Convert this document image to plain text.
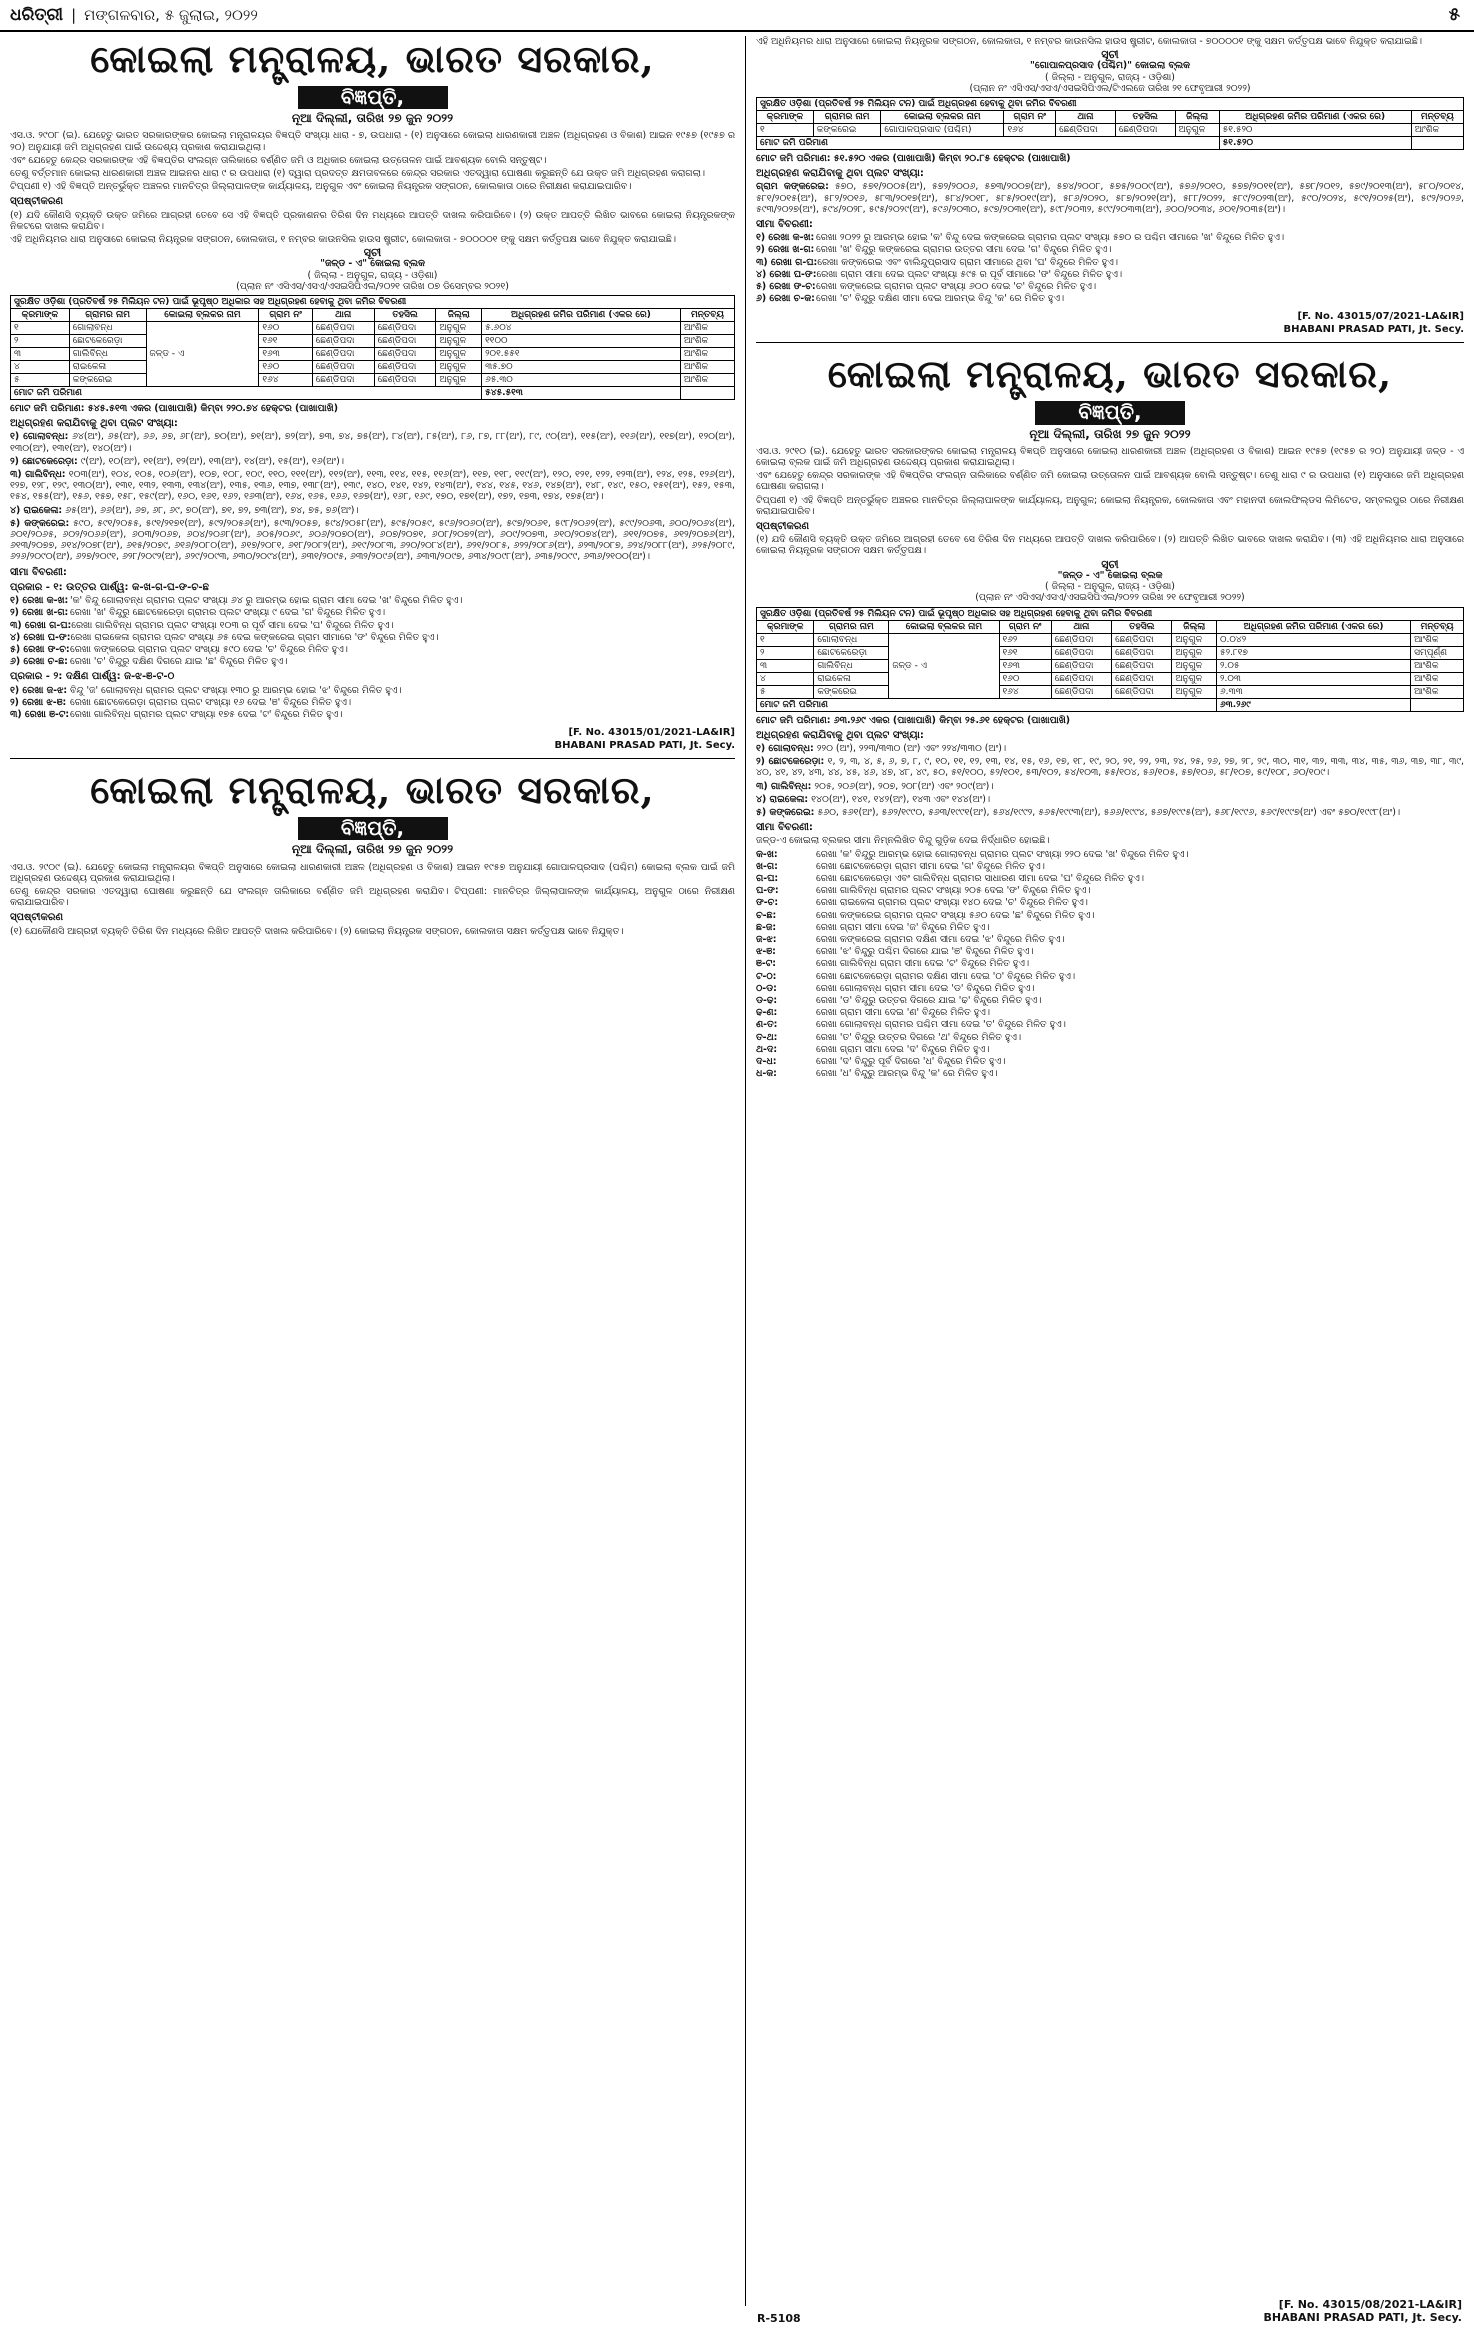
ଧରିତ୍ରୀ | ମଙ୍ଗଳବାର, ୫ ଜୁଲାଇ, ୨୦୨୨	୫
କୋଇଲା ମନ୍ତ୍ରାଳୟ, ଭାରତ ସରକାର,
ବିଜ୍ଞପ୍ତି,
ନୂଆ ଦିଲ୍ଲୀ, ତାରିଖ ୨୭ ଜୁନ ୨୦୨୨

ଏସ.ଓ. ୨୯୦୮ (ଇ). ଯେହେତୁ ଭାରତ ସରକାରଙ୍କର କୋଇଲା ମନ୍ତ୍ରାଳୟର ବିଜ୍ଞପ୍ତି ସଂଖ୍ୟା ଧାରା - ୭, ଉପଧାରା - (୧) ଅନୁସାରେ କୋଇଲା ଧାରଣକାରୀ ଅଞ୍ଚଳ (ଅଧିଗ୍ରହଣ ଓ ବିକାଶ) ଆଇନ ୧୯୫୭ (୧୯୫୭ ର ୨୦) ଅନୁଯାୟୀ ଜମି ଅଧିଗ୍ରହଣ ପାଇଁ ଉଦ୍ଦେଶ୍ୟ ପ୍ରକାଶ କରାଯାଇଥିଲା।

ଏବଂ ଯେହେତୁ କେନ୍ଦ୍ର ସରକାରଙ୍କ ଏହି ବିଜ୍ଞପ୍ତିର ସଂଲଗ୍ନ ତାଲିକାରେ ବର୍ଣ୍ଣିତ ଜମି ଓ ଅଧିକାର କୋଇଲା ଉତ୍ତୋଳନ ପାଇଁ ଆବଶ୍ୟକ ବୋଲି ସନ୍ତୁଷ୍ଟ।

ତେଣୁ ବର୍ତ୍ତମାନ କୋଇଲା ଧାରଣକାରୀ ଅଞ୍ଚଳ ଆଇନର ଧାରା ୯ ର ଉପଧାରା (୧) ଦ୍ୱାରା ପ୍ରଦତ୍ତ କ୍ଷମତାବଳରେ କେନ୍ଦ୍ର ସରକାର ଏତଦ୍ୱାରା ଘୋଷଣା କରୁଛନ୍ତି ଯେ ଉକ୍ତ ଜମି ଅଧିଗ୍ରହଣ କରାଗଲା।

ଟିପ୍ପଣୀ ୧) ଏହି ବିଜ୍ଞପ୍ତି ଅନ୍ତର୍ଭୁକ୍ତ ଅଞ୍ଚଳର ମାନଚିତ୍ର ଜିଲ୍ଲାପାଳଙ୍କ କାର୍ଯ୍ୟାଳୟ, ଅନୁଗୁଳ ଏବଂ କୋଇଲା ନିୟନ୍ତ୍ରକ ସଙ୍ଗଠନ, କୋଲକାତା ଠାରେ ନିରୀକ୍ଷଣ କରାଯାଇପାରିବ।

ସ୍ପଷ୍ଟୀକରଣ

(୧) ଯଦି କୌଣସି ବ୍ୟକ୍ତି ଉକ୍ତ ଜମିରେ ଆଗ୍ରହୀ ତେବେ ସେ ଏହି ବିଜ୍ଞପ୍ତି ପ୍ରକାଶନର ତିରିଶ ଦିନ ମଧ୍ୟରେ ଆପତ୍ତି ଦାଖଲ କରିପାରିବେ। (୨) ଉକ୍ତ ଆପତ୍ତି ଲିଖିତ ଭାବରେ କୋଇଲା ନିୟନ୍ତ୍ରକଙ୍କ ନିକଟରେ ଦାଖଲ କରାଯିବ।

ଏହି ଅଧିନିୟମର ଧାରା ଅନୁସାରେ କୋଇଲା ନିୟନ୍ତ୍ରକ ସଙ୍ଗଠନ, କୋଲକାତା, ୧ ନମ୍ବର କାଉନସିଲ ହାଉସ ଷ୍ଟ୍ରୀଟ, କୋଲକାତା - ୭୦୦୦୦୧ ଙ୍କୁ ସକ୍ଷମ କର୍ତ୍ତୃପକ୍ଷ ଭାବେ ନିଯୁକ୍ତ କରାଯାଇଛି।

ସୂଚୀ
"ଜଳ୍‌ଡ - ଏ" କୋଇଲା ବ୍ଲକ
( ଜିଲ୍ଲା - ଅନୁଗୁଳ, ରାଜ୍ୟ - ଓଡ଼ିଶା)
(ପ୍ଲାନ ନଂ ଏସିଏସ/ଏସଏ/ଏସଇସିପିଏଲ/୨୦୨୧ ତାରିଖ ୦୭ ଡିସେମ୍ବର ୨୦୨୧)
ସୁରକ୍ଷିତ ଓଡ଼ିଶା (ପ୍ରତିବର୍ଷ ୨୫ ମିଲିୟନ ଟନ) ପାଇଁ ଭୂପୃଷ୍ଠ ଅଧିକାର ସହ ଅଧିଗ୍ରହଣ ହେବାକୁ ଥିବା ଜମିର ବିବରଣୀ								
କ୍ରମାଙ୍କ	ଗ୍ରାମର ନାମ	କୋଇଲା ବ୍ଲକର ନାମ	ଗ୍ରାମ ନଂ	ଥାନା	ତହସିଲ	ଜିଲ୍ଲା	ଅଧିଗ୍ରହଣ ଜମିର ପରିମାଣ (ଏକର ରେ)	ମନ୍ତବ୍ୟ
୧	ଗୋଲାବନ୍ଧ	ଜଳ୍‌ଡ - ଏ	୧୬୦	ଛେଣ୍ଡିପଦା	ଛେଣ୍ଡିପଦା	ଅନୁଗୁଳ	୫.୬୦୪	ଆଂଶିକ
୨	ଛୋଟକେରେଡ଼ା		୧୬୧	ଛେଣ୍ଡିପଦା	ଛେଣ୍ଡିପଦା	ଅନୁଗୁଳ	୧୧୦୦	ଆଂଶିକ
୩	ଗାଲିବିନ୍ଧ		୧୬୩	ଛେଣ୍ଡିପଦା	ଛେଣ୍ଡିପଦା	ଅନୁଗୁଳ	୨୦୧.୫୫୧	ଆଂଶିକ
୪	ରାଇକେଳା		୧୬୦	ଛେଣ୍ଡିପଦା	ଛେଣ୍ଡିପଦା	ଅନୁଗୁଳ	୩୫.୭୦	ଆଂଶିକ
୫	କଙ୍କରେଇ		୧୬୪	ଛେଣ୍ଡିପଦା	ଛେଣ୍ଡିପଦା	ଅନୁଗୁଳ	୬୫.୩୦	ଆଂଶିକ
ମୋଟ ଜମି ପରିମାଣ							୫୪୫.୫୧୩	

ମୋଟ ଜମି ପରିମାଣ: ୫୪୫.୫୧୩ ଏକର (ପାଖାପାଖି) କିମ୍ବା ୨୨୦.୭୪ ହେକ୍ଟର (ପାଖାପାଖି)

ଅଧିଗ୍ରହଣ କରାଯିବାକୁ ଥିବା ପ୍ଲଟ ସଂଖ୍ୟା:

୧) ଗୋଲାବନ୍ଧ: ୬୪(ଅଂ), ୬୫(ଅଂ), ୬୬, ୬୭, ୬୮(ଅଂ), ୭୦(ଅଂ), ୭୧(ଅଂ), ୭୨(ଅଂ), ୭୩, ୭୪, ୭୫(ଅଂ), ୮୪(ଅଂ), ୮୫(ଅଂ), ୮୬, ୮୭, ୮୮(ଅଂ), ୮୯, ୯୦(ଅଂ), ୧୧୫(ଅଂ), ୧୧୬(ଅଂ), ୧୧୭(ଅଂ), ୧୨୦(ଅଂ), ୧୩୦(ଅଂ), ୧୩୧(ଅଂ), ୧୪୦(ଅଂ)।

୨) ଛୋଟକେରେଡ଼ା: ୯(ଅଂ), ୧୦(ଅଂ), ୧୧(ଅଂ), ୧୨(ଅଂ), ୧୩(ଅଂ), ୧୪(ଅଂ), ୧୫(ଅଂ), ୧୬(ଅଂ)।

୩) ଗାଲିବିନ୍ଧ: ୧୦୩(ଅଂ), ୧୦୪, ୧୦୫, ୧୦୬(ଅଂ), ୧୦୭, ୧୦୮, ୧୦୯, ୧୧୦, ୧୧୧(ଅଂ), ୧୧୨(ଅଂ), ୧୧୩, ୧୧୪, ୧୧୫, ୧୧୬(ଅଂ), ୧୧୭, ୧୧୮, ୧୧୯(ଅଂ), ୧୨୦, ୧୨୧, ୧୨୨, ୧୨୩(ଅଂ), ୧୨୪, ୧୨୫, ୧୨୬(ଅଂ), ୧୨୭, ୧୨୮, ୧୨୯, ୧୩୦(ଅଂ), ୧୩୧, ୧୩୨, ୧୩୩, ୧୩୪(ଅଂ), ୧୩୫, ୧୩୬, ୧୩୭, ୧୩୮(ଅଂ), ୧୩୯, ୧୪୦, ୧୪୧, ୧୪୨, ୧୪୩(ଅଂ), ୧୪୪, ୧୪୫, ୧୪୬, ୧୪୭(ଅଂ), ୧୪୮, ୧୪୯, ୧୫୦, ୧୫୧(ଅଂ), ୧୫୨, ୧୫୩, ୧୫୪, ୧୫୫(ଅଂ), ୧୫୬, ୧୫୭, ୧୫୮, ୧୫୯(ଅଂ), ୧୬୦, ୧୬୧, ୧୬୨, ୧୬୩(ଅଂ), ୧୬୪, ୧୬୫, ୧୬୬, ୧୬୭(ଅଂ), ୧୬୮, ୧୬୯, ୧୭୦, ୧୭୧(ଅଂ), ୧୭୨, ୧୭୩, ୧୭୪, ୧୭୫(ଅଂ)।

୪) ରାଇକେଳା: ୬୫(ଅଂ), ୬୬(ଅଂ), ୬୭, ୬୮, ୬୯, ୭୦(ଅଂ), ୭୧, ୭୨, ୭୩(ଅଂ), ୭୪, ୭୫, ୭୬(ଅଂ)।

୫) କଙ୍କରେଇ: ୫୯୦, ୫୯୧/୨୦୫୫, ୫୯୧/୨୧୭୧(ଅଂ), ୫୯୨/୨୦୫୬(ଅଂ), ୫୯୩/୨୦୫୭, ୫୯୪/୨୦୫୮(ଅଂ), ୫୯୫/୨୦୫୯, ୫୯୬/୨୦୬୦(ଅଂ), ୫୯୭/୨୦୬୧, ୫୯୮/୨୦୬୨(ଅଂ), ୫୯୯/୨୦୬୩, ୬୦୦/୨୦୬୪(ଅଂ), ୬୦୧/୨୦୬୫, ୬୦୨/୨୦୬୬(ଅଂ), ୬୦୩/୨୦୬୭, ୬୦୪/୨୦୬୮(ଅଂ), ୬୦୫/୨୦୬୯, ୬୦୬/୨୦୭୦(ଅଂ), ୬୦୭/୨୦୭୧, ୬୦୮/୨୦୭୨(ଅଂ), ୬୦୯/୨୦୭୩, ୬୧୦/୨୦୭୪(ଅଂ), ୬୧୧/୨୦୭୫, ୬୧୨/୨୦୭୬(ଅଂ), ୬୧୩/୨୦୭୭, ୬୧୪/୨୦୭୮(ଅଂ), ୬୧୫/୨୦୭୯, ୬୧୬/୨୦୮୦(ଅଂ), ୬୧୭/୨୦୮୧, ୬୧୮/୨୦୮୨(ଅଂ), ୬୧୯/୨୦୮୩, ୬୨୦/୨୦୮୪(ଅଂ), ୬୨୧/୨୦୮୫, ୬୨୨/୨୦୮୬(ଅଂ), ୬୨୩/୨୦୮୭, ୬୨୪/୨୦୮୮(ଅଂ), ୬୨୫/୨୦୮୯, ୬୨୬/୨୦୯୦(ଅଂ), ୬୨୭/୨୦୯୧, ୬୨୮/୨୦୯୨(ଅଂ), ୬୨୯/୨୦୯୩, ୬୩୦/୨୦୯୪(ଅଂ), ୬୩୧/୨୦୯୫, ୬୩୨/୨୦୯୬(ଅଂ), ୬୩୩/୨୦୯୭, ୬୩୪/୨୦୯୮(ଅଂ), ୬୩୫/୨୦୯୯, ୬୩୬/୨୧୦୦(ଅଂ)।

ସୀମା ବିବରଣୀ:
ପ୍ରକାର - ୧: ଉତ୍ତର ପାର୍ଶ୍ୱ: କ-ଖ-ଗ-ଘ-ଙ-ଚ-ଛ
୧) ରେଖା କ-ଖ: 'କ' ବିନ୍ଦୁ ଗୋଲାବନ୍ଧ ଗ୍ରାମର ପ୍ଲଟ ସଂଖ୍ୟା ୬୪ ରୁ ଆରମ୍ଭ ହୋଇ ଗ୍ରାମ ସୀମା ଦେଇ 'ଖ' ବିନ୍ଦୁରେ ମିଳିତ ହୁଏ।
୨) ରେଖା ଖ-ଗ: ରେଖା 'ଖ' ବିନ୍ଦୁରୁ ଛୋଟକେରେଡ଼ା ଗ୍ରାମର ପ୍ଲଟ ସଂଖ୍ୟା ୯ ଦେଇ 'ଗ' ବିନ୍ଦୁରେ ମିଳିତ ହୁଏ।
୩) ରେଖା ଗ-ଘ: ରେଖା ଗାଲିବିନ୍ଧ ଗ୍ରାମର ପ୍ଲଟ ସଂଖ୍ୟା ୧୦୩ ର ପୂର୍ବ ସୀମା ଦେଇ 'ଘ' ବିନ୍ଦୁରେ ମିଳିତ ହୁଏ।
୪) ରେଖା ଘ-ଙ: ରେଖା ରାଇକେଳା ଗ୍ରାମର ପ୍ଲଟ ସଂଖ୍ୟା ୬୫ ଦେଇ କଙ୍କରେଇ ଗ୍ରାମ ସୀମାରେ 'ଙ' ବିନ୍ଦୁରେ ମିଳିତ ହୁଏ।
୫) ରେଖା ଙ-ଚ: ରେଖା କଙ୍କରେଇ ଗ୍ରାମର ପ୍ଲଟ ସଂଖ୍ୟା ୫୯୦ ଦେଇ 'ଚ' ବିନ୍ଦୁରେ ମିଳିତ ହୁଏ।
୬) ରେଖା ଚ-ଛ: ରେଖା 'ଚ' ବିନ୍ଦୁରୁ ଦକ୍ଷିଣ ଦିଗରେ ଯାଇ 'ଛ' ବିନ୍ଦୁରେ ମିଳିତ ହୁଏ।
ପ୍ରକାର - ୨: ଦକ୍ଷିଣ ପାର୍ଶ୍ୱ: ଜ-ଝ-ଞ-ଟ-ଠ
୧) ରେଖା ଜ-ଝ: ବିନ୍ଦୁ 'ଜ' ଗୋଲାବନ୍ଧ ଗ୍ରାମର ପ୍ଲଟ ସଂଖ୍ୟା ୧୩୦ ରୁ ଆରମ୍ଭ ହୋଇ 'ଝ' ବିନ୍ଦୁରେ ମିଳିତ ହୁଏ।
୨) ରେଖା ଝ-ଞ: ରେଖା ଛୋଟକେରେଡ଼ା ଗ୍ରାମର ପ୍ଲଟ ସଂଖ୍ୟା ୧୬ ଦେଇ 'ଞ' ବିନ୍ଦୁରେ ମିଳିତ ହୁଏ।
୩) ରେଖା ଞ-ଟ: ରେଖା ଗାଲିବିନ୍ଧ ଗ୍ରାମର ପ୍ଲଟ ସଂଖ୍ୟା ୧୭୫ ଦେଇ 'ଟ' ବିନ୍ଦୁରେ ମିଳିତ ହୁଏ।
[F. No. 43015/01/2021-LA&IR]
BHABANI PRASAD PATI, Jt. Secy.
କୋଇଲା ମନ୍ତ୍ରାଳୟ, ଭାରତ ସରକାର,
ବିଜ୍ଞପ୍ତି,
ନୂଆ ଦିଲ୍ଲୀ, ତାରିଖ ୨୭ ଜୁନ ୨୦୨୨

ଏସ.ଓ. ୨୯୦୯ (ଇ). ଯେହେତୁ କୋଇଲା ମନ୍ତ୍ରାଳୟର ବିଜ୍ଞପ୍ତି ଅନୁସାରେ କୋଇଲା ଧାରଣକାରୀ ଅଞ୍ଚଳ (ଅଧିଗ୍ରହଣ ଓ ବିକାଶ) ଆଇନ ୧୯୫୭ ଅନୁଯାୟୀ ଗୋପାଳପ୍ରସାଦ (ପଶ୍ଚିମ) କୋଇଲା ବ୍ଲକ ପାଇଁ ଜମି ଅଧିଗ୍ରହଣ ଉଦ୍ଦେଶ୍ୟ ପ୍ରକାଶ କରାଯାଇଥିଲା।

ତେଣୁ କେନ୍ଦ୍ର ସରକାର ଏତଦ୍ୱାରା ଘୋଷଣା କରୁଛନ୍ତି ଯେ ସଂଲଗ୍ନ ତାଲିକାରେ ବର୍ଣ୍ଣିତ ଜମି ଅଧିଗ୍ରହଣ କରାଯିବ। ଟିପ୍ପଣୀ: ମାନଚିତ୍ର ଜିଲ୍ଲାପାଳଙ୍କ କାର୍ଯ୍ୟାଳୟ, ଅନୁଗୁଳ ଠାରେ ନିରୀକ୍ଷଣ କରାଯାଇପାରିବ।

ସ୍ପଷ୍ଟୀକରଣ

(୧) ଯେକୌଣସି ଆଗ୍ରହୀ ବ୍ୟକ୍ତି ତିରିଶ ଦିନ ମଧ୍ୟରେ ଲିଖିତ ଆପତ୍ତି ଦାଖଲ କରିପାରିବେ। (୨) କୋଇଲା ନିୟନ୍ତ୍ରକ ସଙ୍ଗଠନ, କୋଲକାତା ସକ୍ଷମ କର୍ତ୍ତୃପକ୍ଷ ଭାବେ ନିଯୁକ୍ତ।

ଏହି ଅଧିନିୟମର ଧାରା ଅନୁସାରେ କୋଇଲା ନିୟନ୍ତ୍ରକ ସଙ୍ଗଠନ, କୋଲକାତା, ୧ ନମ୍ବର କାଉନସିଲ ହାଉସ ଷ୍ଟ୍ରୀଟ, କୋଲକାତା - ୭୦୦୦୦୧ ଙ୍କୁ ସକ୍ଷମ କର୍ତ୍ତୃପକ୍ଷ ଭାବେ ନିଯୁକ୍ତ କରାଯାଇଛି।

ସୂଚୀ
"ଗୋପାଳପ୍ରସାଦ (ପଶ୍ଚିମ)" କୋଇଲା ବ୍ଲକ
( ଜିଲ୍ଲା - ଅନୁଗୁଳ, ରାଜ୍ୟ - ଓଡ଼ିଶା)
(ପ୍ଲାନ ନଂ ଏସିଏସ/ଏସଏ/ଏସଇସିପିଏଲ/ଟିଏଲଜେ ତାରିଖ ୨୧ ଫେବୃଆରୀ ୨୦୨୨)
ସୁରକ୍ଷିତ ଓଡ଼ିଶା (ପ୍ରତିବର୍ଷ ୨୫ ମିଲିୟନ ଟନ) ପାଇଁ ଅଧିଗ୍ରହଣ ହେବାକୁ ଥିବା ଜମିର ବିବରଣୀ								
କ୍ରମାଙ୍କ	ଗ୍ରାମର ନାମ	କୋଇଲା ବ୍ଲକର ନାମ	ଗ୍ରାମ ନଂ	ଥାନା	ତହସିଲ	ଜିଲ୍ଲା	ଅଧିଗ୍ରହଣ ଜମିର ପରିମାଣ (ଏକର ରେ)	ମନ୍ତବ୍ୟ
୧	କଙ୍କରେଇ	ଗୋପାଳପ୍ରସାଦ (ପଶ୍ଚିମ)	୧୬୪	ଛେଣ୍ଡିପଦା	ଛେଣ୍ଡିପଦା	ଅନୁଗୁଳ	୫୧.୫୨୦	ଆଂଶିକ
ମୋଟ ଜମି ପରିମାଣ							୫୧.୫୨୦	

ମୋଟ ଜମି ପରିମାଣ: ୫୧.୫୨୦ ଏକର (ପାଖାପାଖି) କିମ୍ବା ୨୦.୮୫ ହେକ୍ଟର (ପାଖାପାଖି)

ଅଧିଗ୍ରହଣ କରାଯିବାକୁ ଥିବା ପ୍ଲଟ ସଂଖ୍ୟା:

ଗ୍ରାମ କଙ୍କରେଇ: ୫୭୦, ୫୭୧/୨୦୦୫(ଅଂ), ୫୭୨/୨୦୦୬, ୫୭୩/୨୦୦୭(ଅଂ), ୫୭୪/୨୦୦୮, ୫୭୫/୨୦୦୯(ଅଂ), ୫୭୬/୨୦୧୦, ୫୭୭/୨୦୧୧(ଅଂ), ୫୭୮/୨୦୧୨, ୫୭୯/୨୦୧୩(ଅଂ), ୫୮୦/୨୦୧୪, ୫୮୧/୨୦୧୫(ଅଂ), ୫୮୨/୨୦୧୬, ୫୮୩/୨୦୧୭(ଅଂ), ୫୮୪/୨୦୧୮, ୫୮୫/୨୦୧୯(ଅଂ), ୫୮୬/୨୦୨୦, ୫୮୭/୨୦୨୧(ଅଂ), ୫୮୮/୨୦୨୨, ୫୮୯/୨୦୨୩(ଅଂ), ୫୯୦/୨୦୨୪, ୫୯୧/୨୦୨୫(ଅଂ), ୫୯୨/୨୦୨୬, ୫୯୩/୨୦୨୭(ଅଂ), ୫୯୪/୨୦୨୮, ୫୯୫/୨୦୨୯(ଅଂ), ୫୯୬/୨୦୩୦, ୫୯୭/୨୦୩୧(ଅଂ), ୫୯୮/୨୦୩୨, ୫୯୯/୨୦୩୩(ଅଂ), ୬୦୦/୨୦୩୪, ୬୦୧/୨୦୩୫(ଅଂ)।

ସୀମା ବିବରଣୀ:
୧) ରେଖା କ-ଖ: ରେଖା ୨୦୨୨ ରୁ ଆରମ୍ଭ ହୋଇ 'କ' ବିନ୍ଦୁ ଦେଇ କଙ୍କରେଇ ଗ୍ରାମର ପ୍ଲଟ ସଂଖ୍ୟା ୫୭୦ ର ପଶ୍ଚିମ ସୀମାରେ 'ଖ' ବିନ୍ଦୁରେ ମିଳିତ ହୁଏ।
୨) ରେଖା ଖ-ଗ: ରେଖା 'ଖ' ବିନ୍ଦୁରୁ କଙ୍କରେଇ ଗ୍ରାମର ଉତ୍ତର ସୀମା ଦେଇ 'ଗ' ବିନ୍ଦୁରେ ମିଳିତ ହୁଏ।
୩) ରେଖା ଗ-ଘ: ରେଖା କଙ୍କରେଇ ଏବଂ ବାଲିନ୍ଦୁପ୍ରସାଦ ଗ୍ରାମ ସୀମାରେ ଥିବା 'ଘ' ବିନ୍ଦୁରେ ମିଳିତ ହୁଏ।
୪) ରେଖା ଘ-ଙ: ରେଖା ଗ୍ରାମ ସୀମା ଦେଇ ପ୍ଲଟ ସଂଖ୍ୟା ୫୯୫ ର ପୂର୍ବ ସୀମାରେ 'ଙ' ବିନ୍ଦୁରେ ମିଳିତ ହୁଏ।
୫) ରେଖା ଙ-ଚ: ରେଖା କଙ୍କରେଇ ଗ୍ରାମର ପ୍ଲଟ ସଂଖ୍ୟା ୬୦୦ ଦେଇ 'ଚ' ବିନ୍ଦୁରେ ମିଳିତ ହୁଏ।
୬) ରେଖା ଚ-କ: ରେଖା 'ଚ' ବିନ୍ଦୁରୁ ଦକ୍ଷିଣ ସୀମା ଦେଇ ଆରମ୍ଭ ବିନ୍ଦୁ 'କ' ରେ ମିଳିତ ହୁଏ।
[F. No. 43015/07/2021-LA&IR]
BHABANI PRASAD PATI, Jt. Secy.
କୋଇଲା ମନ୍ତ୍ରାଳୟ, ଭାରତ ସରକାର,
ବିଜ୍ଞପ୍ତି,
ନୂଆ ଦିଲ୍ଲୀ, ତାରିଖ ୨୭ ଜୁନ ୨୦୨୨

ଏସ.ଓ. ୨୯୧୦ (ଇ). ଯେହେତୁ ଭାରତ ସରକାରଙ୍କର କୋଇଲା ମନ୍ତ୍ରାଳୟ ବିଜ୍ଞପ୍ତି ଅନୁସାରେ କୋଇଲା ଧାରଣକାରୀ ଅଞ୍ଚଳ (ଅଧିଗ୍ରହଣ ଓ ବିକାଶ) ଆଇନ ୧୯୫୭ (୧୯୫୭ ର ୨୦) ଅନୁଯାୟୀ ଜଳ୍‌ଡ - ଏ କୋଇଲା ବ୍ଲକ ପାଇଁ ଜମି ଅଧିଗ୍ରହଣ ଉଦ୍ଦେଶ୍ୟ ପ୍ରକାଶ କରାଯାଇଥିଲା।

ଏବଂ ଯେହେତୁ କେନ୍ଦ୍ର ସରକାରଙ୍କ ଏହି ବିଜ୍ଞପ୍ତିର ସଂଲଗ୍ନ ତାଲିକାରେ ବର୍ଣ୍ଣିତ ଜମି କୋଇଲା ଉତ୍ତୋଳନ ପାଇଁ ଆବଶ୍ୟକ ବୋଲି ସନ୍ତୁଷ୍ଟ। ତେଣୁ ଧାରା ୯ ର ଉପଧାରା (୧) ଅନୁସାରେ ଜମି ଅଧିଗ୍ରହଣ ଘୋଷଣା କରାଗଲା।

ଟିପ୍ପଣୀ ୧) ଏହି ବିଜ୍ଞପ୍ତି ଅନ୍ତର୍ଭୁକ୍ତ ଅଞ୍ଚଳର ମାନଚିତ୍ର ଜିଲ୍ଲାପାଳଙ୍କ କାର୍ଯ୍ୟାଳୟ, ଅନୁଗୁଳ; କୋଇଲା ନିୟନ୍ତ୍ରକ, କୋଲକାତା ଏବଂ ମହାନଦୀ କୋଲଫିଲ୍ଡସ ଲିମିଟେଡ, ସମ୍ବଲପୁର ଠାରେ ନିରୀକ୍ଷଣ କରାଯାଇପାରିବ।

ସ୍ପଷ୍ଟୀକରଣ

(୧) ଯଦି କୌଣସି ବ୍ୟକ୍ତି ଉକ୍ତ ଜମିରେ ଆଗ୍ରହୀ ତେବେ ସେ ତିରିଶ ଦିନ ମଧ୍ୟରେ ଆପତ୍ତି ଦାଖଲ କରିପାରିବେ। (୨) ଆପତ୍ତି ଲିଖିତ ଭାବରେ ଦାଖଲ କରାଯିବ। (୩) ଏହି ଅଧିନିୟମର ଧାରା ଅନୁସାରେ କୋଇଲା ନିୟନ୍ତ୍ରକ ସଙ୍ଗଠନ ସକ୍ଷମ କର୍ତ୍ତୃପକ୍ଷ।

ସୂଚୀ
"ଜଳ୍‌ଡ - ଏ" କୋଇଲା ବ୍ଲକ
( ଜିଲ୍ଲା - ଅନୁଗୁଳ, ରାଜ୍ୟ - ଓଡ଼ିଶା)
(ପ୍ଲାନ ନଂ ଏସିଏସ/ଏସଏ/ଏସଇସିପିଏଲ/୨୦୨୨ ତାରିଖ ୨୧ ଫେବୃଆରୀ ୨୦୨୨)
ସୁରକ୍ଷିତ ଓଡ଼ିଶା (ପ୍ରତିବର୍ଷ ୨୫ ମିଲିୟନ ଟନ) ପାଇଁ ଭୂପୃଷ୍ଠ ଅଧିକାର ସହ ଅଧିଗ୍ରହଣ ହେବାକୁ ଥିବା ଜମିର ବିବରଣୀ								
କ୍ରମାଙ୍କ	ଗ୍ରାମର ନାମ	କୋଇଲା ବ୍ଲକର ନାମ	ଗ୍ରାମ ନଂ	ଥାନା	ତହସିଲ	ଜିଲ୍ଲା	ଅଧିଗ୍ରହଣ ଜମିର ପରିମାଣ (ଏକର ରେ)	ମନ୍ତବ୍ୟ
୧	ଗୋଲାବନ୍ଧ	ଜଳ୍‌ଡ - ଏ	୧୬୨	ଛେଣ୍ଡିପଦା	ଛେଣ୍ଡିପଦା	ଅନୁଗୁଳ	୦.୦୪୨	ଆଂଶିକ
୨	ଛୋଟକେରେଡ଼ା		୧୬୧	ଛେଣ୍ଡିପଦା	ଛେଣ୍ଡିପଦା	ଅନୁଗୁଳ	୫୨.୮୧୭	ସମ୍ପୂର୍ଣ୍ଣ
୩	ଗାଲିବିନ୍ଧ		୧୬୩	ଛେଣ୍ଡିପଦା	ଛେଣ୍ଡିପଦା	ଅନୁଗୁଳ	୨.୦୫	ଆଂଶିକ
୪	ରାଇକେଳା		୧୬୦	ଛେଣ୍ଡିପଦା	ଛେଣ୍ଡିପଦା	ଅନୁଗୁଳ	୨.୦୩	ଆଂଶିକ
୫	କଙ୍କରେଇ		୧୬୪	ଛେଣ୍ଡିପଦା	ଛେଣ୍ଡିପଦା	ଅନୁଗୁଳ	୬.୩୩	ଆଂଶିକ
ମୋଟ ଜମି ପରିମାଣ							୬୩.୨୬୯	

ମୋଟ ଜମି ପରିମାଣ: ୬୩.୨୬୯ ଏକର (ପାଖାପାଖି) କିମ୍ବା ୨୫.୬୧ ହେକ୍ଟର (ପାଖାପାଖି)

ଅଧିଗ୍ରହଣ କରାଯିବାକୁ ଥିବା ପ୍ଲଟ ସଂଖ୍ୟା:

୧) ଗୋଲାବନ୍ଧ: ୨୨୦ (ଅଂ), ୨୨୩/୩୩୦ (ଅଂ) ଏବଂ ୨୨୪/୩୩୦ (ଅଂ)।

୨) ଛୋଟକେରେଡ଼ା: ୧, ୨, ୩, ୪, ୫, ୬, ୭, ୮, ୯, ୧୦, ୧୧, ୧୨, ୧୩, ୧୪, ୧୫, ୧୬, ୧୭, ୧୮, ୧୯, ୨୦, ୨୧, ୨୨, ୨୩, ୨୪, ୨୫, ୨୬, ୨୭, ୨୮, ୨୯, ୩୦, ୩୧, ୩୨, ୩୩, ୩୪, ୩୫, ୩୬, ୩୭, ୩୮, ୩୯, ୪୦, ୪୧, ୪୨, ୪୩, ୪୪, ୪୫, ୪୬, ୪୭, ୪୮, ୪୯, ୫୦, ୫୧/୧୦୦, ୫୨/୧୦୧, ୫୩/୧୦୨, ୫୪/୧୦୩, ୫୫/୧୦୪, ୫୬/୧୦୫, ୫୭/୧୦୬, ୫୮/୧୦୭, ୫୯/୧୦୮, ୬୦/୧୦୯।

୩) ଗାଲିବିନ୍ଧ: ୨୦୫, ୨୦୬(ଅଂ), ୨୦୭, ୨୦୮(ଅଂ) ଏବଂ ୨୦୯(ଅଂ)।

୪) ରାଇକେଳା: ୧୪୦(ଅଂ), ୧୪୧, ୧୪୨(ଅଂ), ୧୪୩ ଏବଂ ୧୪୪(ଅଂ)।

୫) କଙ୍କରେଇ: ୫୬୦, ୫୬୧(ଅଂ), ୫୬୨/୧୯୯୦, ୫୬୩/୧୯୯୧(ଅଂ), ୫୬୪/୧୯୯୨, ୫୬୫/୧୯୯୩(ଅଂ), ୫୬୬/୧୯୯୪, ୫୬୭/୧୯୯୫(ଅଂ), ୫୬୮/୧୯୯୬, ୫୬୯/୧୯୯୭(ଅଂ) ଏବଂ ୫୭୦/୧୯୯୮(ଅଂ)।

ସୀମା ବିବରଣୀ:

ଜଳ୍‌ଡ-ଏ କୋଇଲା ବ୍ଲକର ସୀମା ନିମ୍ନଲିଖିତ ବିନ୍ଦୁ ଗୁଡ଼ିକ ଦେଇ ନିର୍ଦ୍ଧାରିତ ହୋଇଛି।

କ-ଖ:	ରେଖା 'କ' ବିନ୍ଦୁରୁ ଆରମ୍ଭ ହୋଇ ଗୋଲାବନ୍ଧ ଗ୍ରାମର ପ୍ଲଟ ସଂଖ୍ୟା ୨୨୦ ଦେଇ 'ଖ' ବିନ୍ଦୁରେ ମିଳିତ ହୁଏ।
ଖ-ଗ:	ରେଖା ଛୋଟକେରେଡ଼ା ଗ୍ରାମ ସୀମା ଦେଇ 'ଗ' ବିନ୍ଦୁରେ ମିଳିତ ହୁଏ।
ଗ-ଘ:	ରେଖା ଛୋଟକେରେଡ଼ା ଏବଂ ଗାଲିବିନ୍ଧ ଗ୍ରାମର ସାଧାରଣ ସୀମା ଦେଇ 'ଘ' ବିନ୍ଦୁରେ ମିଳିତ ହୁଏ।
ଘ-ଙ:	ରେଖା ଗାଲିବିନ୍ଧ ଗ୍ରାମର ପ୍ଲଟ ସଂଖ୍ୟା ୨୦୫ ଦେଇ 'ଙ' ବିନ୍ଦୁରେ ମିଳିତ ହୁଏ।
ଙ-ଚ:	ରେଖା ରାଇକେଳା ଗ୍ରାମର ପ୍ଲଟ ସଂଖ୍ୟା ୧୪୦ ଦେଇ 'ଚ' ବିନ୍ଦୁରେ ମିଳିତ ହୁଏ।
ଚ-ଛ:	ରେଖା କଙ୍କରେଇ ଗ୍ରାମର ପ୍ଲଟ ସଂଖ୍ୟା ୫୬୦ ଦେଇ 'ଛ' ବିନ୍ଦୁରେ ମିଳିତ ହୁଏ।
ଛ-ଜ:	ରେଖା ଗ୍ରାମ ସୀମା ଦେଇ 'ଜ' ବିନ୍ଦୁରେ ମିଳିତ ହୁଏ।
ଜ-ଝ:	ରେଖା କଙ୍କରେଇ ଗ୍ରାମର ଦକ୍ଷିଣ ସୀମା ଦେଇ 'ଝ' ବିନ୍ଦୁରେ ମିଳିତ ହୁଏ।
ଝ-ଞ:	ରେଖା 'ଝ' ବିନ୍ଦୁରୁ ପଶ୍ଚିମ ଦିଗରେ ଯାଇ 'ଞ' ବିନ୍ଦୁରେ ମିଳିତ ହୁଏ।
ଞ-ଟ:	ରେଖା ଗାଲିବିନ୍ଧ ଗ୍ରାମ ସୀମା ଦେଇ 'ଟ' ବିନ୍ଦୁରେ ମିଳିତ ହୁଏ।
ଟ-ଠ:	ରେଖା ଛୋଟକେରେଡ଼ା ଗ୍ରାମର ଦକ୍ଷିଣ ସୀମା ଦେଇ 'ଠ' ବିନ୍ଦୁରେ ମିଳିତ ହୁଏ।
ଠ-ଡ:	ରେଖା ଗୋଲାବନ୍ଧ ଗ୍ରାମ ସୀମା ଦେଇ 'ଡ' ବିନ୍ଦୁରେ ମିଳିତ ହୁଏ।
ଡ-ଢ:	ରେଖା 'ଡ' ବିନ୍ଦୁରୁ ଉତ୍ତର ଦିଗରେ ଯାଇ 'ଢ' ବିନ୍ଦୁରେ ମିଳିତ ହୁଏ।
ଢ-ଣ:	ରେଖା ଗ୍ରାମ ସୀମା ଦେଇ 'ଣ' ବିନ୍ଦୁରେ ମିଳିତ ହୁଏ।
ଣ-ତ:	ରେଖା ଗୋଲାବନ୍ଧ ଗ୍ରାମର ପଶ୍ଚିମ ସୀମା ଦେଇ 'ତ' ବିନ୍ଦୁରେ ମିଳିତ ହୁଏ।
ତ-ଥ:	ରେଖା 'ତ' ବିନ୍ଦୁରୁ ଉତ୍ତର ଦିଗରେ 'ଥ' ବିନ୍ଦୁରେ ମିଳିତ ହୁଏ।
ଥ-ଦ:	ରେଖା ଗ୍ରାମ ସୀମା ଦେଇ 'ଦ' ବିନ୍ଦୁରେ ମିଳିତ ହୁଏ।
ଦ-ଧ:	ରେଖା 'ଦ' ବିନ୍ଦୁରୁ ପୂର୍ବ ଦିଗରେ 'ଧ' ବିନ୍ଦୁରେ ମିଳିତ ହୁଏ।
ଧ-କ:	ରେଖା 'ଧ' ବିନ୍ଦୁରୁ ଆରମ୍ଭ ବିନ୍ଦୁ 'କ' ରେ ମିଳିତ ହୁଏ।
R-5108
[F. No. 43015/08/2021-LA&IR]
BHABANI PRASAD PATI, Jt. Secy.
